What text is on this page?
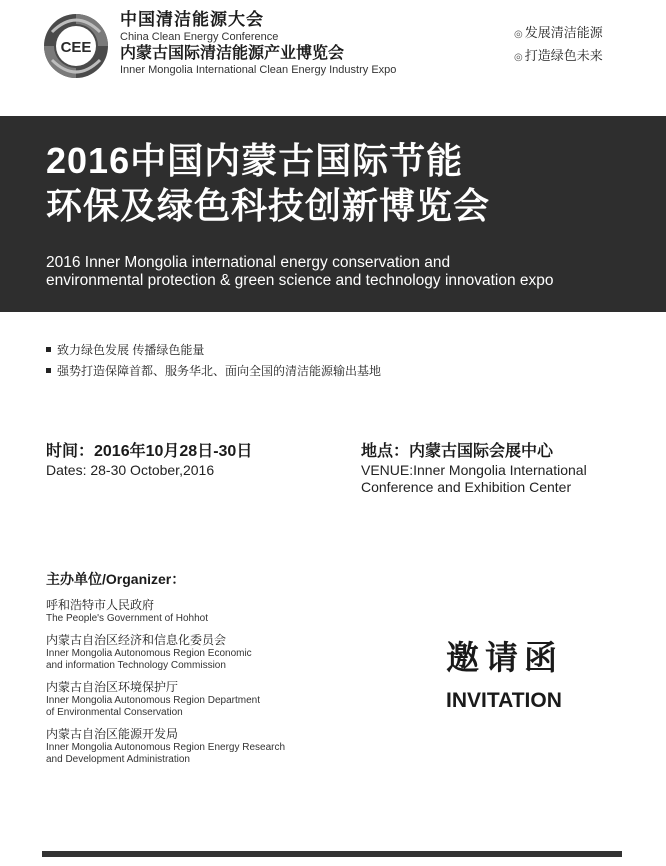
CEE
中国清洁能源大会
China Clean Energy Conference
内蒙古国际清洁能源产业博览会
Inner Mongolia International Clean Energy Industry Expo
◎ 发展清洁能源
◎ 打造绿色未来
2016中国内蒙古国际节能
环保及绿色科技创新博览会
2016 Inner Mongolia international energy conservation and
environmental protection & green science and technology innovation expo
致力绿色发展 传播绿色能量
强势打造保障首都、服务华北、面向全国的清洁能源输出基地
时间：2016年10月28日-30日
Dates: 28-30 October,2016
地点：内蒙古国际会展中心
VENUE:Inner Mongolia International
Conference and Exhibition Center
主办单位/Organizer：
呼和浩特市人民政府
The People's Government of Hohhot
内蒙古自治区经济和信息化委员会
Inner Mongolia Autonomous Region Economic
and information Technology Commission
内蒙古自治区环境保护厅
Inner Mongolia Autonomous Region Department
of Environmental Conservation
内蒙古自治区能源开发局
Inner Mongolia Autonomous Region Energy Research
and Development Administration
邀请函
INVITATION
